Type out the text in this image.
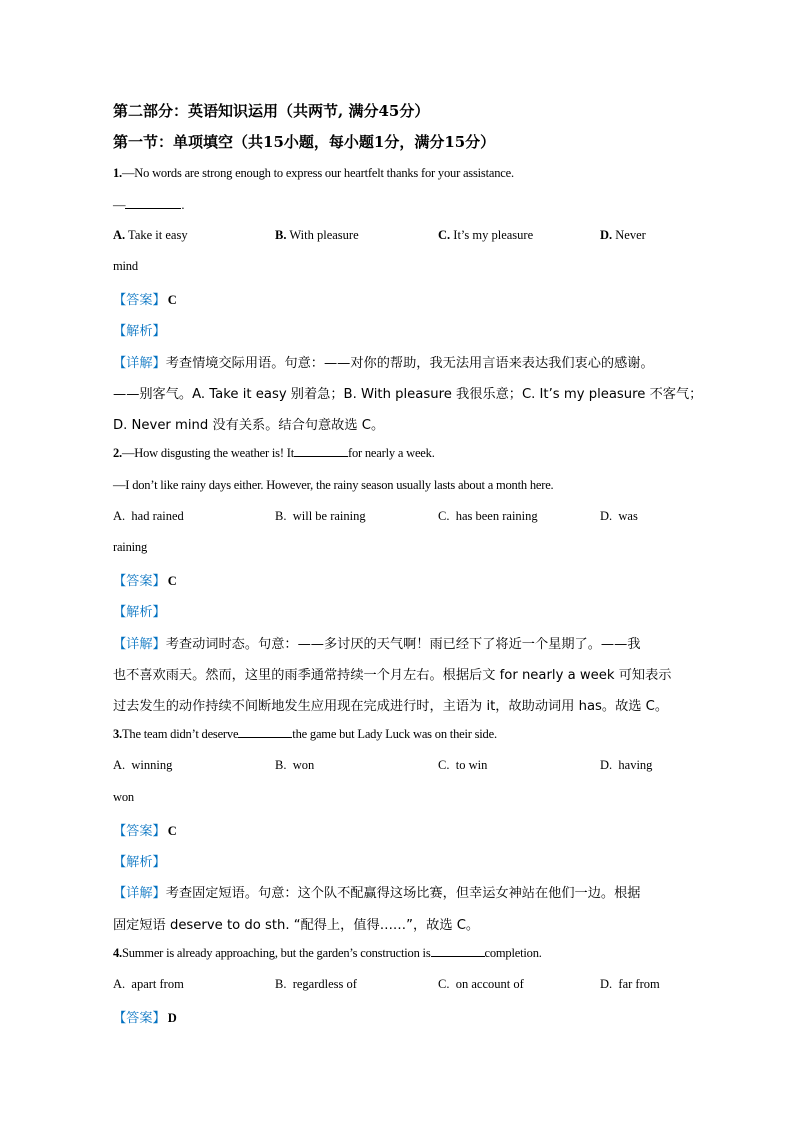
第二部分：英语知识运用（共两节, 满分45分）
第一节：单项填空（共15小题，每小题1分，满分15分）
1.—No words are strong enough to express our heartfelt thanks for your assistance.
—	.
A. Take it easy	B. With pleasure	C. It’s my pleasure	D. Never
mind
【答案】 C
【解析】
【详解】考查情境交际用语。句意：——对你的帮助，我无法用言语来表达我们衷心的感谢。
——别客气。A. Take it easy 别着急；B. With pleasure 我很乐意；C. It’s my pleasure 不客气；
D. Never mind 没有关系。结合句意故选 C。
2.—How disgusting the weather is! It	for nearly a week.
—I don’t like rainy days either. However, the rainy season usually lasts about a month here.
A.  had rained	B.  will be raining	C.  has been raining	D.  was
raining
【答案】 C
【解析】
【详解】考查动词时态。句意：——多讨厌的天气啊！雨已经下了将近一个星期了。——我
也不喜欢雨天。然而，这里的雨季通常持续一个月左右。根据后文 for nearly a week 可知表示
过去发生的动作持续不间断地发生应用现在完成进行时，主语为 it，故助动词用 has。故选 C。
3.The team didn’t deserve	the game but Lady Luck was on their side.
A.  winning	B.  won	C.  to win	D.  having
won
【答案】 C
【解析】
【详解】考查固定短语。句意：这个队不配赢得这场比赛，但幸运女神站在他们一边。根据
固定短语 deserve to do sth. “配得上，值得……”，故选 C。
4.Summer is already approaching, but the garden’s construction is	completion.
A.  apart from	B.  regardless of	C.  on account of	D.  far from
【答案】 D
